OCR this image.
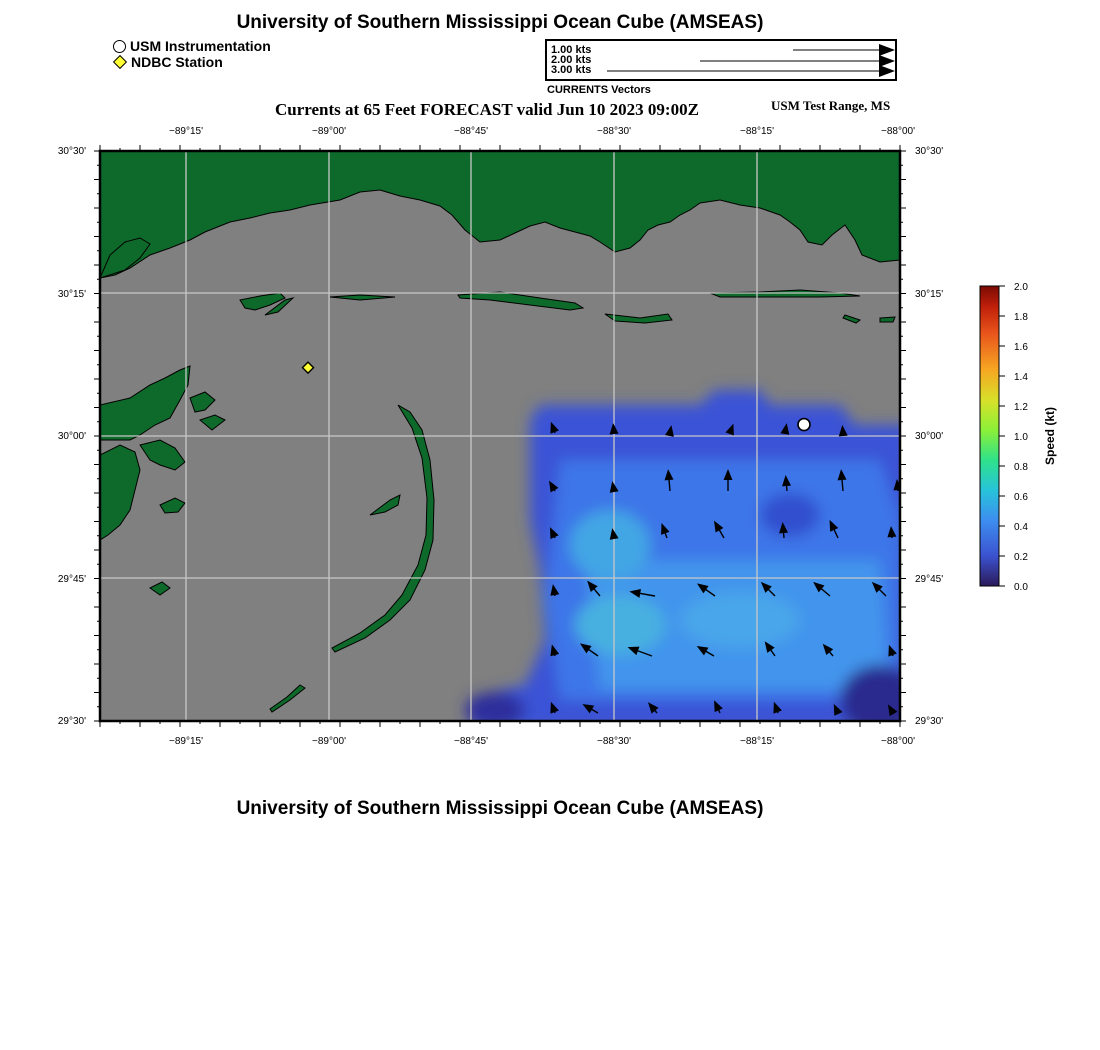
University of Southern Mississippi Ocean Cube (AMSEAS)
USM Instrumentation
NDBC Station
1.00 kts
2.00 kts
3.00 kts
CURRENTS Vectors
Currents at 65 Feet FORECAST valid Jun 10 2023 09:00Z	USM Test Range, MS
−89°15'	−89°00'	−88°45'	−88°30'	−88°15'	−88°00'
−89°15'	−89°00'	−88°45'	−88°30'	−88°15'	−88°00'
30°30'
30°15'
30°00'
29°45'
29°30'
30°30'
30°15'
30°00'
29°45'
29°30'
2.0
1.8
1.6
1.4
1.2
1.0
0.8
0.6
0.4
0.2
0.0
Speed (kt)
University of Southern Mississippi Ocean Cube (AMSEAS)
